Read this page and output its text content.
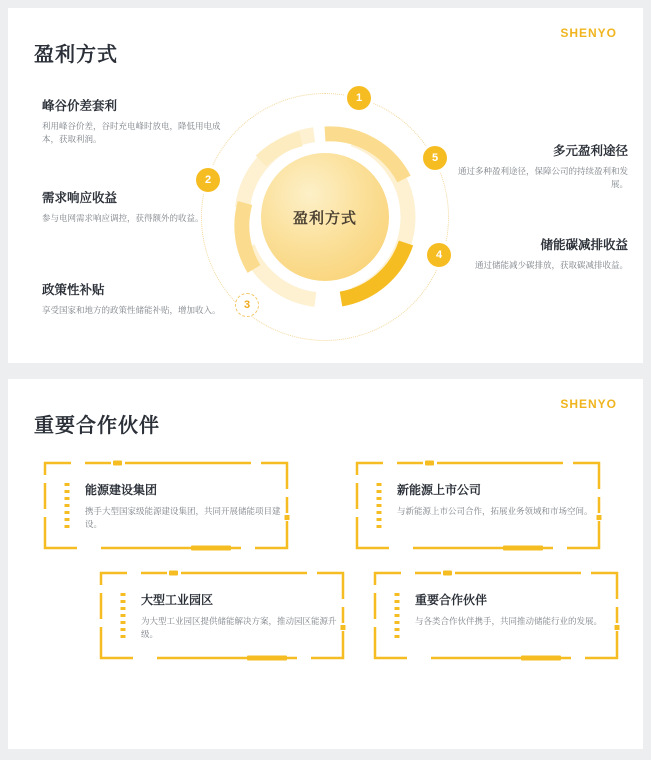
SHENYO
盈利方式
盈利方式
1
2
3
4
5
峰谷价差套利
利用峰谷价差，谷时充电峰时放电，降低用电成本，获取利润。
需求响应收益
参与电网需求响应调控，获得额外的收益。
政策性补贴
享受国家和地方的政策性储能补贴，增加收入。
储能碳减排收益
通过储能减少碳排放，获取碳减排收益。
多元盈利途径
通过多种盈利途径，保障公司的持续盈利和发展。
SHENYO
重要合作伙伴
能源建设集团
携手大型国家级能源建设集团，共同开展储能项目建设。
新能源上市公司
与新能源上市公司合作，拓展业务领域和市场空间。
大型工业园区
为大型工业园区提供储能解决方案，推动园区能源升级。
重要合作伙伴
与各类合作伙伴携手，共同推动储能行业的发展。
